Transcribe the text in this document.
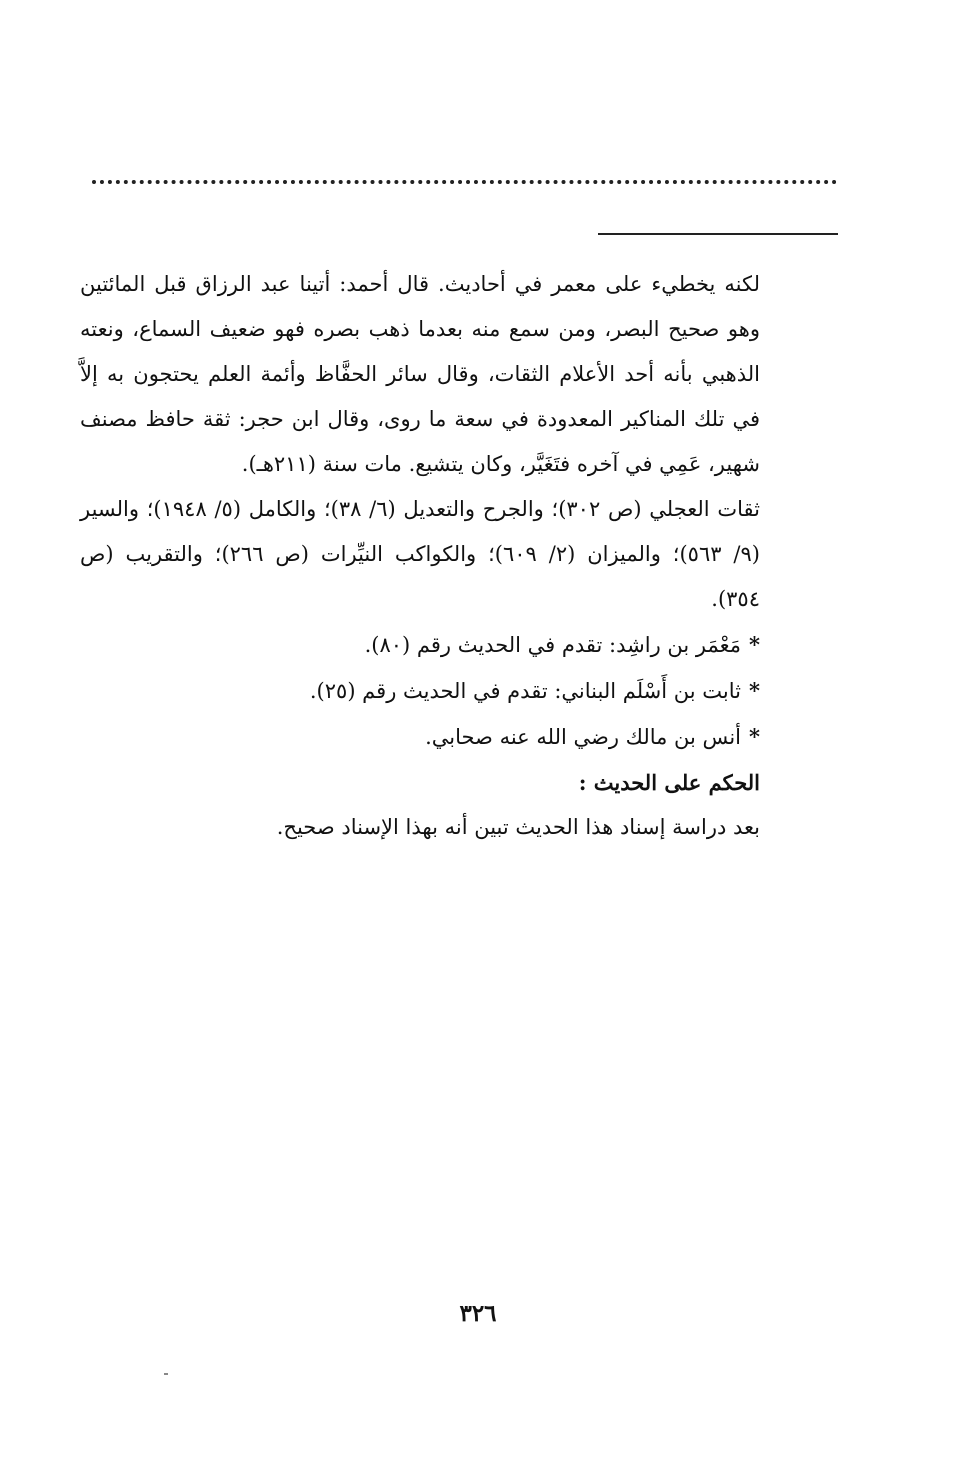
لكنه يخطيء على معمر في أحاديث. قال أحمد: أتينا عبد الرزاق قبل المائتين وهو صحيح البصر، ومن سمع منه بعدما ذهب بصره فهو ضعيف السماع، ونعته الذهبي بأنه أحد الأعلام الثقات، وقال سائر الحفَّاظ وأئمة العلم يحتجون به إلاَّ في تلك المناكير المعدودة في سعة ما روى، وقال ابن حجر: ثقة حافظ مصنف شهير، عَمِي في آخره فتَغَيَّر، وكان يتشيع. مات سنة (٢١١هـ).

ثقات العجلي (ص ٣٠٢)؛ والجرح والتعديل (٦/ ٣٨)؛ والكامل (٥/ ١٩٤٨)؛ والسير (٩/ ٥٦٣)؛ والميزان (٢/ ٦٠٩)؛ والكواكب النيِّرات (ص ٢٦٦)؛ والتقريب (ص ٣٥٤).

*مَعْمَر بن راشِد: تقدم في الحديث رقم (٨٠).

*ثابت بن أَسْلَم البناني: تقدم في الحديث رقم (٢٥).

*أنس بن مالك رضي الله عنه صحابي.

الحكم على الحديث :

بعد دراسة إسناد هذا الحديث تبين أنه بهذا الإسناد صحيح.

٣٢٦
